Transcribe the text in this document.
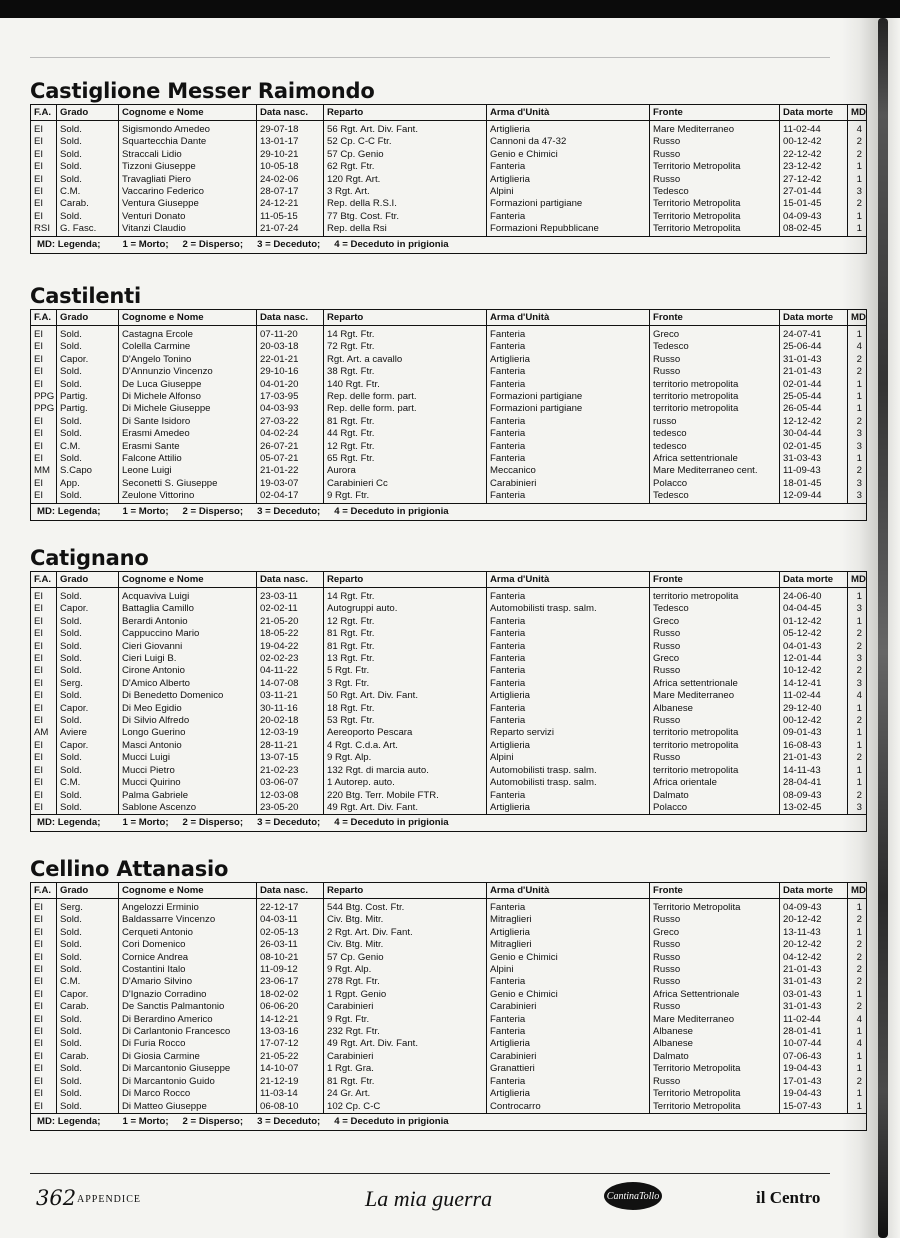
Castiglione Messer Raimondo
F.A.	Grado	Cognome e Nome	Data nasc.	Reparto	Arma d'Unità	Fronte	Data morte	MD
EI	Sold.	Sigismondo Amedeo	29-07-18	56 Rgt. Art. Div. Fant.	Artiglieria	Mare Mediterraneo	11-02-44	4
EI	Sold.	Squartecchia Dante	13-01-17	52 Cp. C-C Ftr.	Cannoni da 47-32	Russo	00-12-42	2
EI	Sold.	Straccali Lidio	29-10-21	57 Cp. Genio	Genio e Chimici	Russo	22-12-42	2
EI	Sold.	Tizzoni Giuseppe	10-05-18	62 Rgt. Ftr.	Fanteria	Territorio Metropolita	23-12-42	1
EI	Sold.	Travagliati Piero	24-02-06	120 Rgt. Art.	Artiglieria	Russo	27-12-42	1
EI	C.M.	Vaccarino Federico	28-07-17	3 Rgt. Art.	Alpini	Tedesco	27-01-44	3
EI	Carab.	Ventura Giuseppe	24-12-21	Rep. della R.S.I.	Formazioni partigiane	Territorio Metropolita	15-01-45	2
EI	Sold.	Venturi Donato	11-05-15	77 Btg. Cost. Ftr.	Fanteria	Territorio Metropolita	04-09-43	1
RSI	G. Fasc.	Vitanzi Claudio	21-07-24	Rep. della Rsi	Formazioni Repubblicane	Territorio Metropolita	08-02-45	1
MD: Legenda; 1 = Morto; 2 = Disperso; 3 = Deceduto; 4 = Deceduto in prigionia								
Castilenti
F.A.	Grado	Cognome e Nome	Data nasc.	Reparto	Arma d'Unità	Fronte	Data morte	MD
EI	Sold.	Castagna Ercole	07-11-20	14 Rgt. Ftr.	Fanteria	Greco	24-07-41	1
EI	Sold.	Colella Carmine	20-03-18	72 Rgt. Ftr.	Fanteria	Tedesco	25-06-44	4
EI	Capor.	D'Angelo Tonino	22-01-21	Rgt. Art. a cavallo	Artiglieria	Russo	31-01-43	2
EI	Sold.	D'Annunzio Vincenzo	29-10-16	38 Rgt. Ftr.	Fanteria	Russo	21-01-43	2
EI	Sold.	De Luca Giuseppe	04-01-20	140 Rgt. Ftr.	Fanteria	territorio metropolita	02-01-44	1
PPG	Partig.	Di Michele Alfonso	17-03-95	Rep. delle form. part.	Formazioni partigiane	territorio metropolita	25-05-44	1
PPG	Partig.	Di Michele Giuseppe	04-03-93	Rep. delle form. part.	Formazioni partigiane	territorio metropolita	26-05-44	1
EI	Sold.	Di Sante Isidoro	27-03-22	81 Rgt. Ftr.	Fanteria	russo	12-12-42	2
EI	Sold.	Erasmi Amedeo	04-02-24	44 Rgt. Ftr.	Fanteria	tedesco	30-04-44	3
EI	C.M.	Erasmi Sante	26-07-21	12 Rgt. Ftr.	Fanteria	tedesco	02-01-45	3
EI	Sold.	Falcone Attilio	05-07-21	65 Rgt. Ftr.	Fanteria	Africa settentrionale	31-03-43	1
MM	S.Capo	Leone Luigi	21-01-22	Aurora	Meccanico	Mare Mediterraneo cent.	11-09-43	2
EI	App.	Seconetti S. Giuseppe	19-03-07	Carabinieri Cc	Carabinieri	Polacco	18-01-45	3
EI	Sold.	Zeulone Vittorino	02-04-17	9 Rgt. Ftr.	Fanteria	Tedesco	12-09-44	3
MD: Legenda; 1 = Morto; 2 = Disperso; 3 = Deceduto; 4 = Deceduto in prigionia								
Catignano
F.A.	Grado	Cognome e Nome	Data nasc.	Reparto	Arma d'Unità	Fronte	Data morte	MD
EI	Sold.	Acquaviva Luigi	23-03-11	14 Rgt. Ftr.	Fanteria	territorio metropolita	24-06-40	1
EI	Capor.	Battaglia Camillo	02-02-11	Autogruppi auto.	Automobilisti trasp. salm.	Tedesco	04-04-45	3
EI	Sold.	Berardi Antonio	21-05-20	12 Rgt. Ftr.	Fanteria	Greco	01-12-42	1
EI	Sold.	Cappuccino Mario	18-05-22	81 Rgt. Ftr.	Fanteria	Russo	05-12-42	2
EI	Sold.	Cieri Giovanni	19-04-22	81 Rgt. Ftr.	Fanteria	Russo	04-01-43	2
EI	Sold.	Cieri Luigi B.	02-02-23	13 Rgt. Ftr.	Fanteria	Greco	12-01-44	3
EI	Sold.	Cirone Antonio	04-11-22	5 Rgt. Ftr.	Fanteria	Russo	10-12-42	2
EI	Serg.	D'Amico Alberto	14-07-08	3 Rgt. Ftr.	Fanteria	Africa settentrionale	14-12-41	3
EI	Sold.	Di Benedetto Domenico	03-11-21	50 Rgt. Art. Div. Fant.	Artiglieria	Mare Mediterraneo	11-02-44	4
EI	Capor.	Di Meo Egidio	30-11-16	18 Rgt. Ftr.	Fanteria	Albanese	29-12-40	1
EI	Sold.	Di Silvio Alfredo	20-02-18	53 Rgt. Ftr.	Fanteria	Russo	00-12-42	2
AM	Aviere	Longo Guerino	12-03-19	Aereoporto Pescara	Reparto servizi	territorio metropolita	09-01-43	1
EI	Capor.	Masci Antonio	28-11-21	4 Rgt. C.d.a. Art.	Artiglieria	territorio metropolita	16-08-43	1
EI	Sold.	Mucci Luigi	13-07-15	9 Rgt. Alp.	Alpini	Russo	21-01-43	2
EI	Sold.	Mucci Pietro	21-02-23	132 Rgt. di marcia auto.	Automobilisti trasp. salm.	territorio metropolita	14-11-43	1
EI	C.M.	Mucci Quirino	03-06-07	1 Autorep. auto.	Automobilisti trasp. salm.	Africa orientale	28-04-41	1
EI	Sold.	Palma Gabriele	12-03-08	220 Btg. Terr. Mobile FTR.	Fanteria	Dalmato	08-09-43	2
EI	Sold.	Sablone Ascenzo	23-05-20	49 Rgt. Art. Div. Fant.	Artiglieria	Polacco	13-02-45	3
MD: Legenda; 1 = Morto; 2 = Disperso; 3 = Deceduto; 4 = Deceduto in prigionia								
Cellino Attanasio
F.A.	Grado	Cognome e Nome	Data nasc.	Reparto	Arma d'Unità	Fronte	Data morte	MD
EI	Serg.	Angelozzi Erminio	22-12-17	544 Btg. Cost. Ftr.	Fanteria	Territorio Metropolita	04-09-43	1
EI	Sold.	Baldassarre Vincenzo	04-03-11	Civ. Btg. Mitr.	Mitraglieri	Russo	20-12-42	2
EI	Sold.	Cerqueti Antonio	02-05-13	2 Rgt. Art. Div. Fant.	Artiglieria	Greco	13-11-43	1
EI	Sold.	Cori Domenico	26-03-11	Civ. Btg. Mitr.	Mitraglieri	Russo	20-12-42	2
EI	Sold.	Cornice Andrea	08-10-21	57 Cp. Genio	Genio e Chimici	Russo	04-12-42	2
EI	Sold.	Costantini Italo	11-09-12	9 Rgt. Alp.	Alpini	Russo	21-01-43	2
EI	C.M.	D'Amario Silvino	23-06-17	278 Rgt. Ftr.	Fanteria	Russo	31-01-43	2
EI	Capor.	D'Ignazio Corradino	18-02-02	1 Rgpt. Genio	Genio e Chimici	Africa Settentrionale	03-01-43	1
EI	Carab.	De Sanctis Palmantonio	06-06-20	Carabinieri	Carabinieri	Russo	31-01-43	2
EI	Sold.	Di Berardino Americo	14-12-21	9 Rgt. Ftr.	Fanteria	Mare Mediterraneo	11-02-44	4
EI	Sold.	Di Carlantonio Francesco	13-03-16	232 Rgt. Ftr.	Fanteria	Albanese	28-01-41	1
EI	Sold.	Di Furia Rocco	17-07-12	49 Rgt. Art. Div. Fant.	Artiglieria	Albanese	10-07-44	4
EI	Carab.	Di Giosia Carmine	21-05-22	Carabinieri	Carabinieri	Dalmato	07-06-43	1
EI	Sold.	Di Marcantonio Giuseppe	14-10-07	1 Rgt. Gra.	Granattieri	Territorio Metropolita	19-04-43	1
EI	Sold.	Di Marcantonio Guido	21-12-19	81 Rgt. Ftr.	Fanteria	Russo	17-01-43	2
EI	Sold.	Di Marco Rocco	11-03-14	24 Gr. Art.	Artiglieria	Territorio Metropolita	19-04-43	1
EI	Sold.	Di Matteo Giuseppe	06-08-10	102 Cp. C-C	Controcarro	Territorio Metropolita	15-07-43	1
MD: Legenda; 1 = Morto; 2 = Disperso; 3 = Deceduto; 4 = Deceduto in prigionia								
362 APPENDICE	La mia guerra	CantinaTollo	il Centro
